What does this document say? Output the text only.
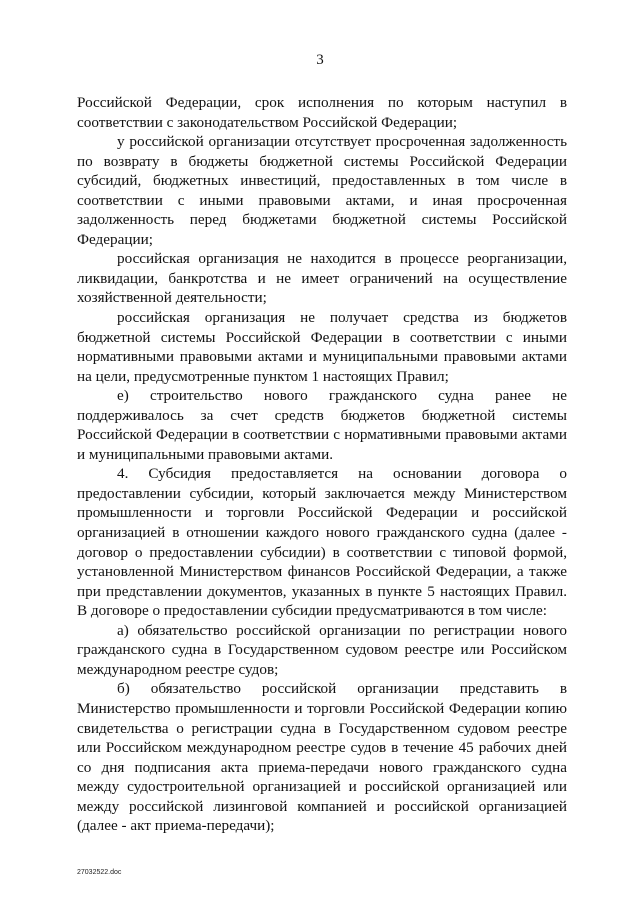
3

Российской Федерации, срок исполнения по которым наступил в соответствии с законодательством Российской Федерации;

у российской организации отсутствует просроченная задолженность по возврату в бюджеты бюджетной системы Российской Федерации субсидий, бюджетных инвестиций, предоставленных в том числе в соответствии с иными правовыми актами, и иная просроченная задолженность перед бюджетами бюджетной системы Российской Федерации;

российская организация не находится в процессе реорганизации, ликвидации, банкротства и не имеет ограничений на осуществление хозяйственной деятельности;

российская организация не получает средства из бюджетов бюджетной системы Российской Федерации в соответствии с иными нормативными правовыми актами и муниципальными правовыми актами на цели, предусмотренные пунктом 1 настоящих Правил;

е) строительство нового гражданского судна ранее не поддерживалось за счет средств бюджетов бюджетной системы Российской Федерации в соответствии с нормативными правовыми актами и муниципальными правовыми актами.

4. Субсидия предоставляется на основании договора о предоставлении субсидии, который заключается между Министерством промышленности и торговли Российской Федерации и российской организацией в отношении каждого нового гражданского судна (далее - договор о предоставлении субсидии) в соответствии с типовой формой, установленной Министерством финансов Российской Федерации, а также при представлении документов, указанных в пункте 5 настоящих Правил. В договоре о предоставлении субсидии предусматриваются в том числе:

а) обязательство российской организации по регистрации нового гражданского судна в Государственном судовом реестре или Российском международном реестре судов;

б) обязательство российской организации представить в Министерство промышленности и торговли Российской Федерации копию свидетельства о регистрации судна в Государственном судовом реестре или Российском международном реестре судов в течение 45 рабочих дней со дня подписания акта приема-передачи нового гражданского судна между судостроительной организацией и российской организацией или между российской лизинговой компанией и российской организацией (далее - акт приема-передачи);

27032522.doc
